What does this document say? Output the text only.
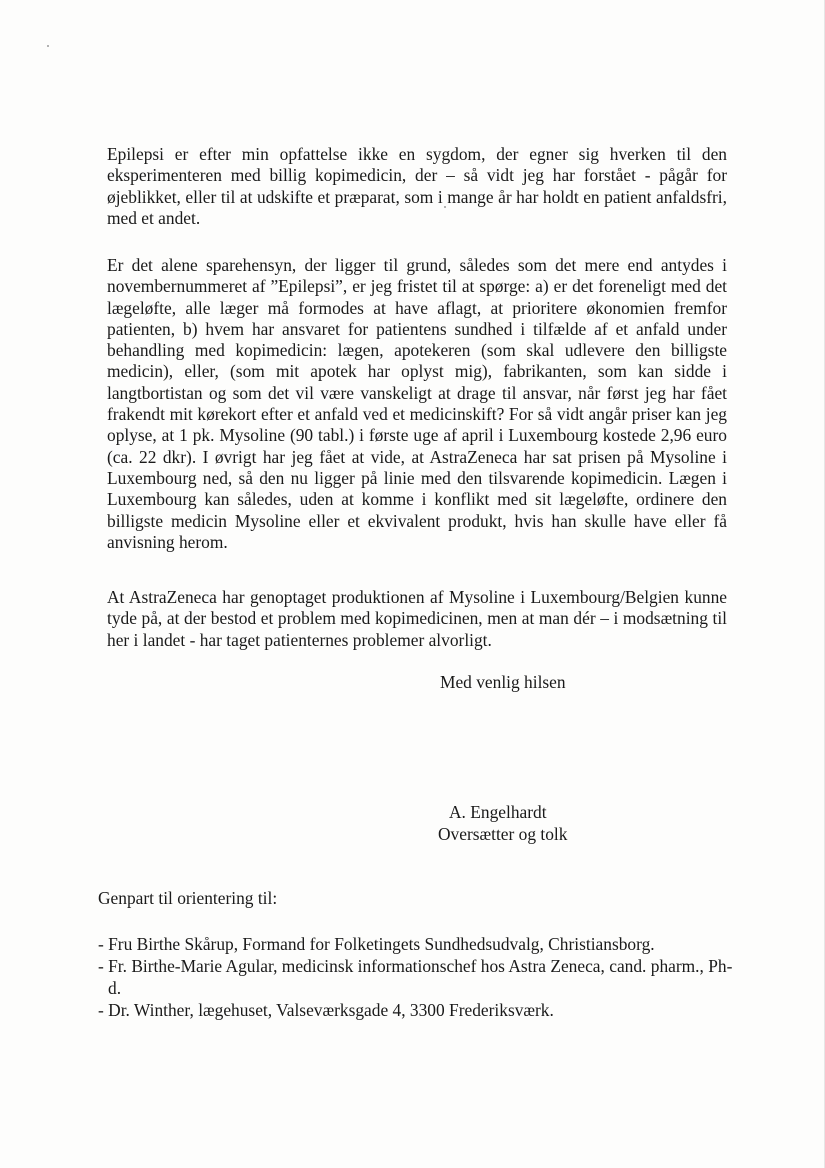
Epilepsi er efter min opfattelse ikke en sygdom, der egner sig hverken til den eksperimenteren med billig kopimedicin, der – så vidt jeg har forstået - pågår for øjeblikket, eller til at udskifte et præparat, som i mange år har holdt en patient anfaldsfri, med et andet.

Er det alene sparehensyn, der ligger til grund, således som det mere end antydes i novembernummeret af ”Epilepsi”, er jeg fristet til at spørge: a) er det foreneligt med det lægeløfte, alle læger må formodes at have aflagt, at prioritere økonomien fremfor patienten, b) hvem har ansvaret for patientens sundhed i tilfælde af et anfald under behandling med kopimedicin: lægen, apotekeren (som skal udlevere den billigste medicin), eller, (som mit apotek har oplyst mig), fabrikanten, som kan sidde i langtbortistan og som det vil være vanskeligt at drage til ansvar, når først jeg har fået frakendt mit kørekort efter et anfald ved et medicinskift? For så vidt angår priser kan jeg oplyse, at 1 pk. Mysoline (90 tabl.) i første uge af april i Luxembourg kostede 2,96 euro (ca. 22 dkr). I øvrigt har jeg fået at vide, at AstraZeneca har sat prisen på Mysoline i Luxembourg ned, så den nu ligger på linie med den tilsvarende kopimedicin. Lægen i Luxembourg kan således, uden at komme i konflikt med sit lægeløfte, ordinere den billigste medicin Mysoline eller et ekvivalent produkt, hvis han skulle have eller få anvisning herom.

At AstraZeneca har genoptaget produktionen af Mysoline i Luxembourg/Belgien kunne tyde på, at der bestod et problem med kopimedicinen, men at man dér – i modsætning til her i landet - har taget patienternes problemer alvorligt.

Med venlig hilsen

A. Engelhardt

Oversætter og tolk

Genpart til orientering til:

- Fru Birthe Skårup, Formand for Folketingets Sundhedsudvalg, Christiansborg.
- Fr. Birthe-Marie Agular, medicinsk informationschef hos Astra Zeneca, cand. pharm., Ph-d.
- Dr. Winther, lægehuset, Valseværksgade 4, 3300 Frederiksværk.
